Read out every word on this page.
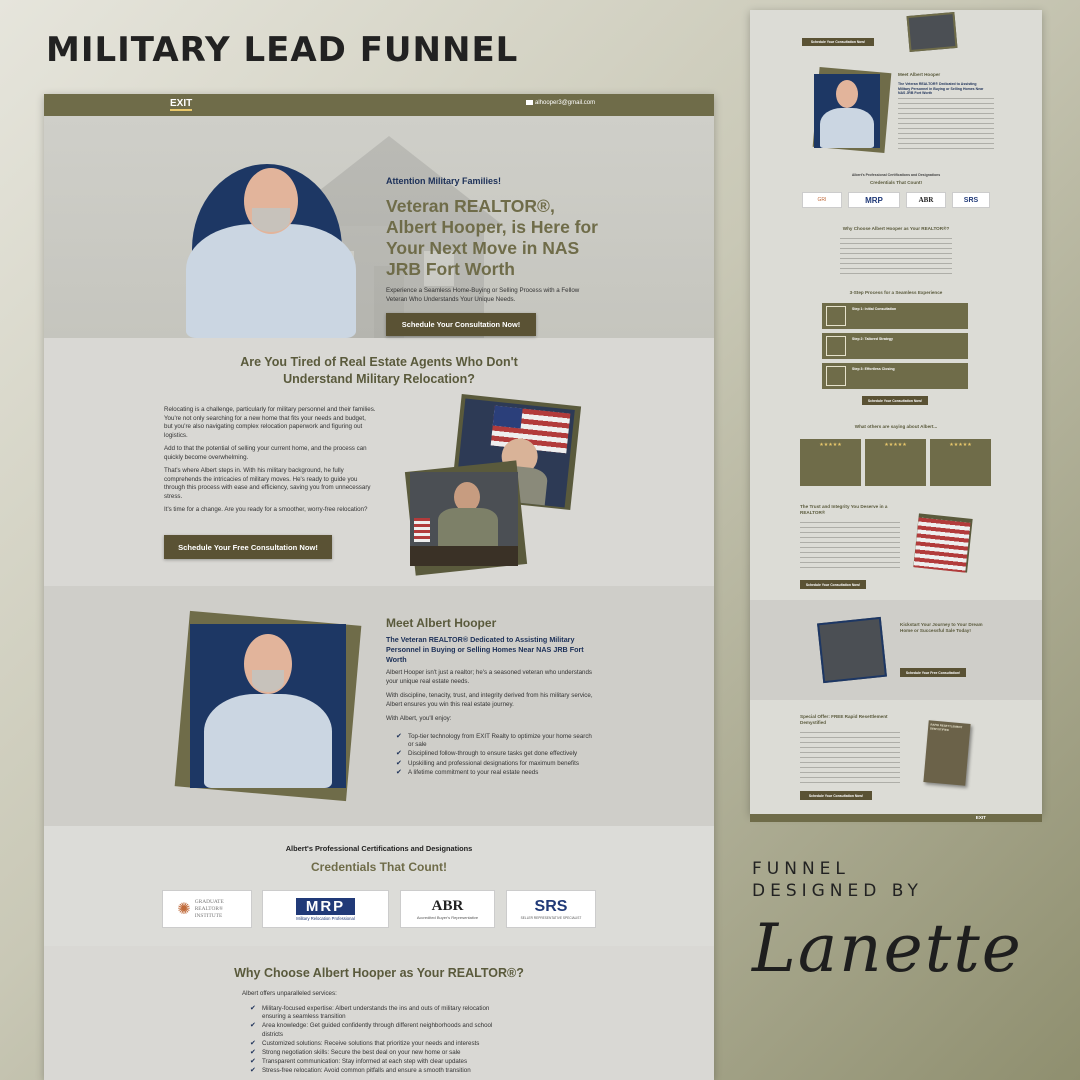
MILITARY LEAD FUNNEL
EXIT	alhooper3@gmail.com
Attention Military Families!
Veteran REALTOR®, Albert Hooper, is Here for Your Next Move in NAS JRB Fort Worth
Experience a Seamless Home-Buying or Selling Process with a Fellow Veteran Who Understands Your Unique Needs.
Schedule Your Consultation Now!
Are You Tired of Real Estate Agents Who Don't Understand Military Relocation?

Relocating is a challenge, particularly for military personnel and their families. You're not only searching for a new home that fits your needs and budget, but you're also navigating complex relocation paperwork and figuring out logistics.

Add to that the potential of selling your current home, and the process can quickly become overwhelming.

That's where Albert steps in. With his military background, he fully comprehends the intricacies of military moves. He's ready to guide you through this process with ease and efficiency, saving you from unnecessary stress.

It's time for a change. Are you ready for a smoother, worry-free relocation?

Schedule Your Free Consultation Now!
Meet Albert Hooper
The Veteran REALTOR® Dedicated to Assisting Military Personnel in Buying or Selling Homes Near NAS JRB Fort Worth

Albert Hooper isn't just a realtor; he's a seasoned veteran who understands your unique real estate needs.

With discipline, tenacity, trust, and integrity derived from his military service, Albert ensures you win this real estate journey.

With Albert, you'll enjoy:

✔ Top-tier technology from EXIT Realty to optimize your home search or sale
✔ Disciplined follow-through to ensure tasks get done effectively
✔ Upskilling and professional designations for maximum benefits
✔ A lifetime commitment to your real estate needs
Albert's Professional Certifications and Designations
Credentials That Count!
✺ GRADUATE REALTOR® INSTITUTE
MRP
Military Relocation Professional
ABR
Accredited Buyer's Representative
SRS
SELLER REPRESENTATIVE SPECIALIST
Why Choose Albert Hooper as Your REALTOR®?
Albert offers unparalleled services:
✔ Military-focused expertise: Albert understands the ins and outs of military relocation ensuring a seamless transition
✔ Area knowledge: Get guided confidently through different neighborhoods and school districts
✔ Customized solutions: Receive solutions that prioritize your needs and interests
✔ Strong negotiation skills: Secure the best deal on your new home or sale
✔ Transparent communication: Stay informed at each step with clear updates
✔ Stress-free relocation: Avoid common pitfalls and ensure a smooth transition
Schedule Your Consultation Now!
Meet Albert Hooper
The Veteran REALTOR® Dedicated to Assisting Military Personnel in Buying or Selling Homes Near NAS JRB Fort Worth
Albert's Professional Certifications and Designations
Credentials That Count!
GRI	MRP	ABR	SRS
Why Choose Albert Hooper as Your REALTOR®?
3-Step Process for a Seamless Experience
Step 1: Initial Consultation
Step 2: Tailored Strategy
Step 3: Effortless Closing
Schedule Your Consultation Now!
What others are saying about Albert...
★★★★★	★★★★★	★★★★★
The Trust and Integrity You Deserve in a REALTOR®
Schedule Your Consultation Now!
Kickstart Your Journey to Your Dream Home or Successful Sale Today!
Schedule Your Free Consultation!
Special Offer: FREE Rapid Resettlement Demystified
Schedule Your Consultation Now!
RAPID RESETTLEMENT DEMYSTIFIED
EXIT
FUNNEL
DESIGNED BY
Lanette
